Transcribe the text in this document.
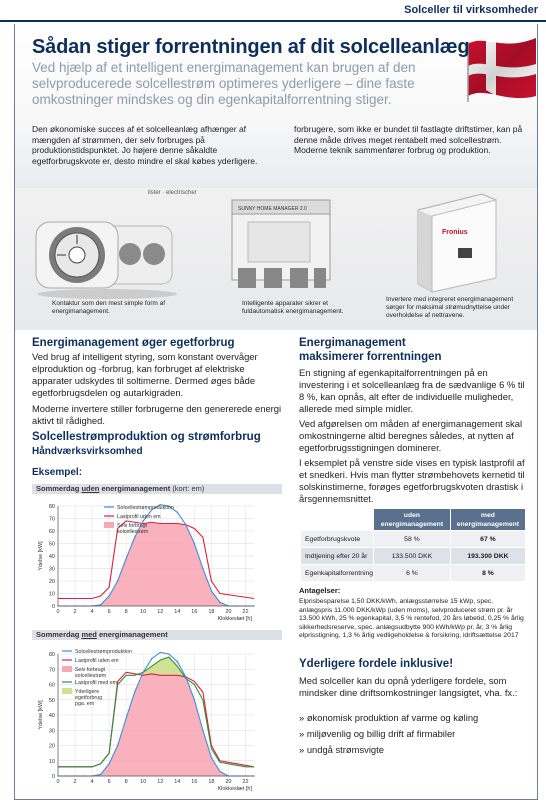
Solceller til virksomheder
Sådan stiger forrentningen af dit solcelleanlæg
Ved hjælp af et intelligent energimanagement kan brugen af den selvproducerede solcellestrøm optimeres yderligere – dine faste omkostninger mindskes og din egenkapitalforrentning stiger.
Den økonomiske succes af et solcelleanlæg afhænger af mængden af strømmen, der selv forbruges på produktionstidspunktet. Jo højere denne såkaldte egetforbrugskvote er, desto mindre el skal købes yderligere.
forbrugere, som ikke er bundet til fastlagte driftstimer, kan på denne måde drives meget rentabelt med solcellestrøm. Moderne teknik sammenfører forbrug og produktion.
ilster · electrischer
SUNNY HOME MANAGER 2.0
Fronius
Kontaktur som den mest simple form af energimanagement.
Intelligente apparater sikrer et fuldautomatisk energimanagement.
Invertere med integreret energimanagement sørger for maksimal strømudnyttelse under overholdelse af nettravene.
Energimanagement øger egetforbrug
Ved brug af intelligent styring, som konstant overvåger elproduktion og -forbrug, kan forbruget af elektriske apparater udskydes til soltimerne. Dermed øges både egetforbrugsdelen og autarkigraden.
Moderne invertere stiller forbrugerne den genererede energi aktivt til rådighed.
Solcellestrømproduktion og strømforbrug
Håndværksvirksomhed
Eksempel:
Sommerdag uden energimanagement (kort: em)
0
10
20
30
40
50
60
70
80
0	2	4	6	8 10 12 14 16 18 20 22
Ydelse [kW]
Klokkeslæt [h]
Solcellestrømproduktion
Lastprofil uden em
Selv forbrugt
solcellestrøm
Sommerdag med energimanagement
0
10
20
30
40
50
60
70
80
0	2	4	6	8 10 12 14 16 18 20 22
Ydelse [kW]
Klokkeslæt [h]
Solcellestrømproduktion
Lastprofil uden em
Selv forbrugt
solcellestrøm
Lastprofil med em
Yderligere
egetforbrug
pga. em
Energimanagement
maksimerer forrentningen
En stigning af egenkapitalforrentningen på en investering i et solcelleanlæg fra de sædvanlige 6 % til 8 %, kan opnås, alt efter de individuelle muligheder, allerede med simple midler.
Ved afgørelsen om måden af energimanagement skal omkostningerne altid beregnes således, at nytten af egetforbrugsstigningen dominerer.
I eksemplet på venstre side vises en typisk lastprofil af et snedkeri. Hvis man flytter strømbehovets kernetid til solskinstimerne, forøges egetforbrugskvoten drastisk i årsgennemsnittet.
	uden energimanagement	med energimanagement
Egetforbrugskvote	58 %	67 %
Indtjening efter 20 år	133.500 DKK	193.300 DKK
Egenkapitalforrentning	6 %	8 %
Antagelser:
Elprisbesparelse 1,50 DKK/kWh, anlægsstørrelse 15 kWp, spec. anlægspris 11.000 DKK/kWp (uden moms), selvproduceret strøm pr. år 13.500 kWh, 25 % egenkapital, 3,5 % rentefod, 20 års løbetid, 0,25 % årlig sikkerhedsreserve, spec. anlægsudbytte 900 kWh/kWp pr. år, 3 % årlig elprisstigning, 1,3 % årlig vedligeholdelse & forsikring, idriftsættelse 2017
Yderligere fordele inklusive!
Med solceller kan du opnå yderligere fordele, som mindsker dine driftsomkostninger langsigtet, vha. fx.:
» økonomisk produktion af varme og køling
» miljøvenlig og billig drift af firmabiler
» undgå strømsvigte
